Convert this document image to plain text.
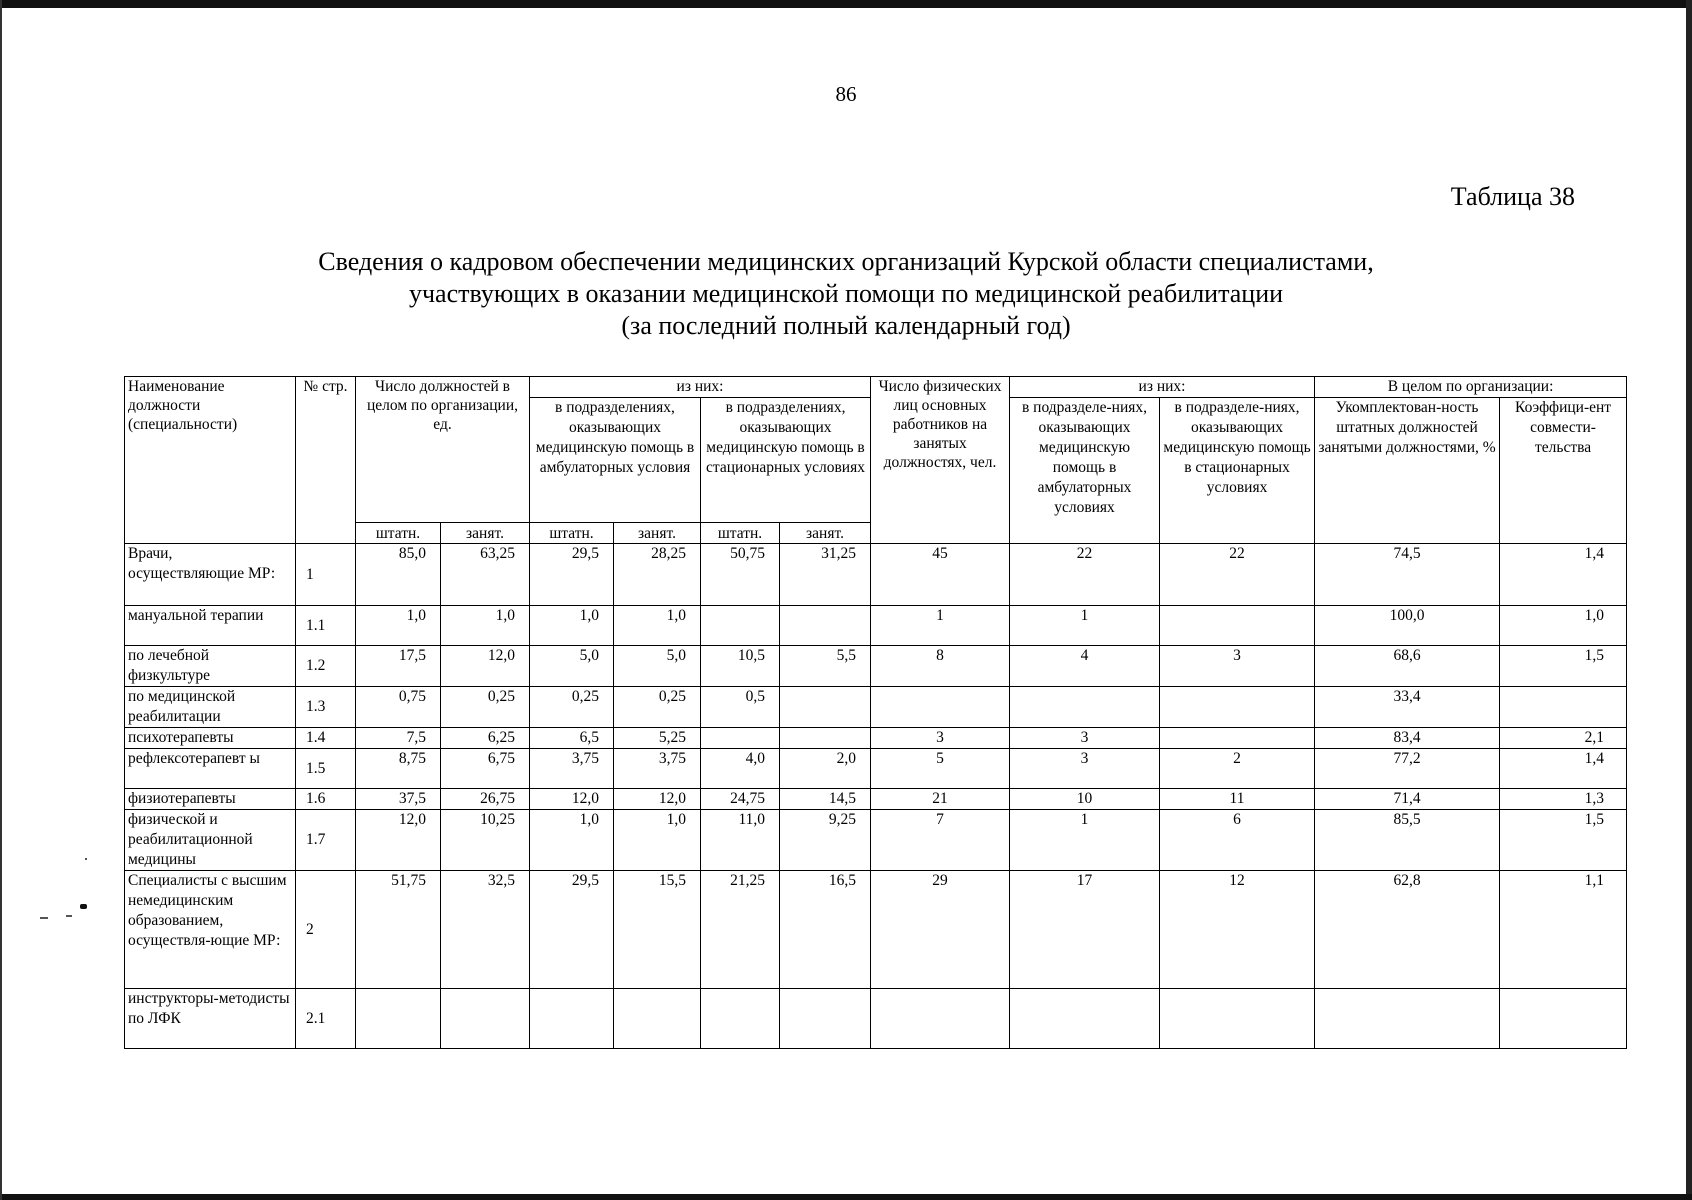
86
Таблица 38
Сведения о кадровом обеспечении медицинских организаций Курской области специалистами,
участвующих в оказании медицинской помощи по медицинской реабилитации
(за последний полный календарный год)
Наименование должности (специальности)	№ стр.	Число должностей в целом по организации, ед.		из них:				Число физических лиц основных работников на занятых должностях, чел.	из них:		В целом по организации:	
				в подразделениях, оказывающих медицинскую помощь в амбулаторных условия		в подразделениях, оказывающих медицинскую помощь в стационарных условиях			в подразделе-ниях, оказывающих медицинскую помощь в амбулаторных условиях	в подразделе-ниях, оказывающих медицинскую помощь в стационарных условиях	Укомплектован-ность штатных должностей занятыми должностями, %	Коэффици-ент совмести-тельства
		штатн.	занят.	штатн.	занят.	штатн.	занят.					
Врачи, осуществляющие МР:	1	85,0	63,25	29,5	28,25	50,75	31,25	45	22	22	74,5	1,4
мануальной терапии	1.1	1,0	1,0	1,0	1,0			1	1		100,0	1,0
по лечебной физкультуре	1.2	17,5	12,0	5,0	5,0	10,5	5,5	8	4	3	68,6	1,5
по медицинской реабилитации	1.3	0,75	0,25	0,25	0,25	0,5					33,4	
психотерапевты	1.4	7,5	6,25	6,5	5,25			3	3		83,4	2,1
рефлексотерапевт ы	1.5	8,75	6,75	3,75	3,75	4,0	2,0	5	3	2	77,2	1,4
физиотерапевты	1.6	37,5	26,75	12,0	12,0	24,75	14,5	21	10	11	71,4	1,3
физической и реабилитационной медицины	1.7	12,0	10,25	1,0	1,0	11,0	9,25	7	1	6	85,5	1,5
Специалисты с высшим немедицинским образованием, осуществля-ющие МР:	2	51,75	32,5	29,5	15,5	21,25	16,5	29	17	12	62,8	1,1
инструкторы-методисты по ЛФК	2.1											
